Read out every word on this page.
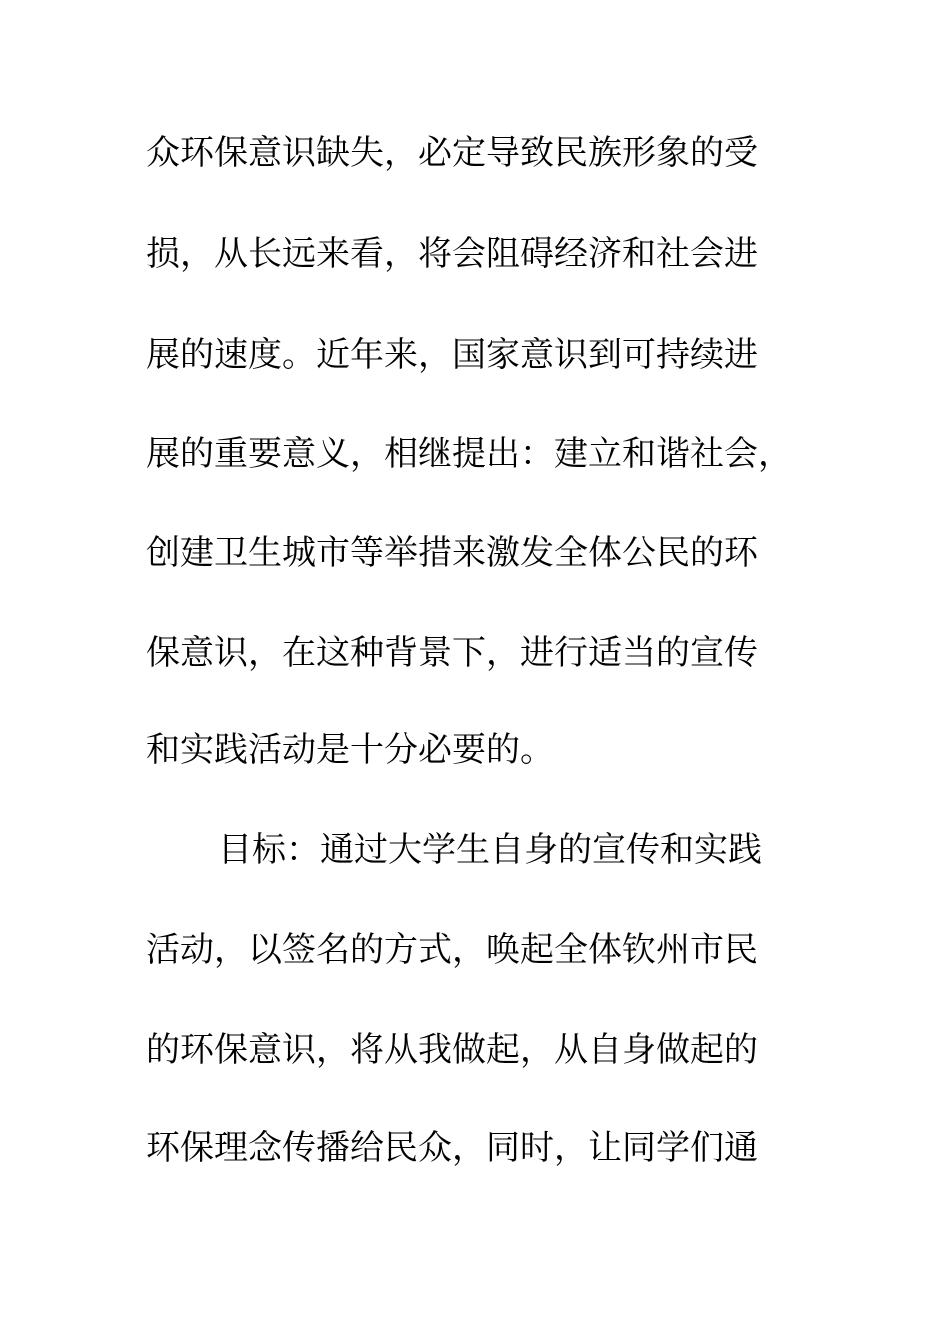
众环保意识缺失，必定导致民族形象的受
损，从长远来看，将会阻碍经济和社会进
展的速度。近年来，国家意识到可持续进
展的重要意义，相继提出：建立和谐社会，
创建卫生城市等举措来激发全体公民的环
保意识，在这种背景下，进行适当的宣传
和实践活动是十分必要的。
目标：通过大学生自身的宣传和实践
活动，以签名的方式，唤起全体钦州市民
的环保意识，将从我做起，从自身做起的
环保理念传播给民众，同时，让同学们通
